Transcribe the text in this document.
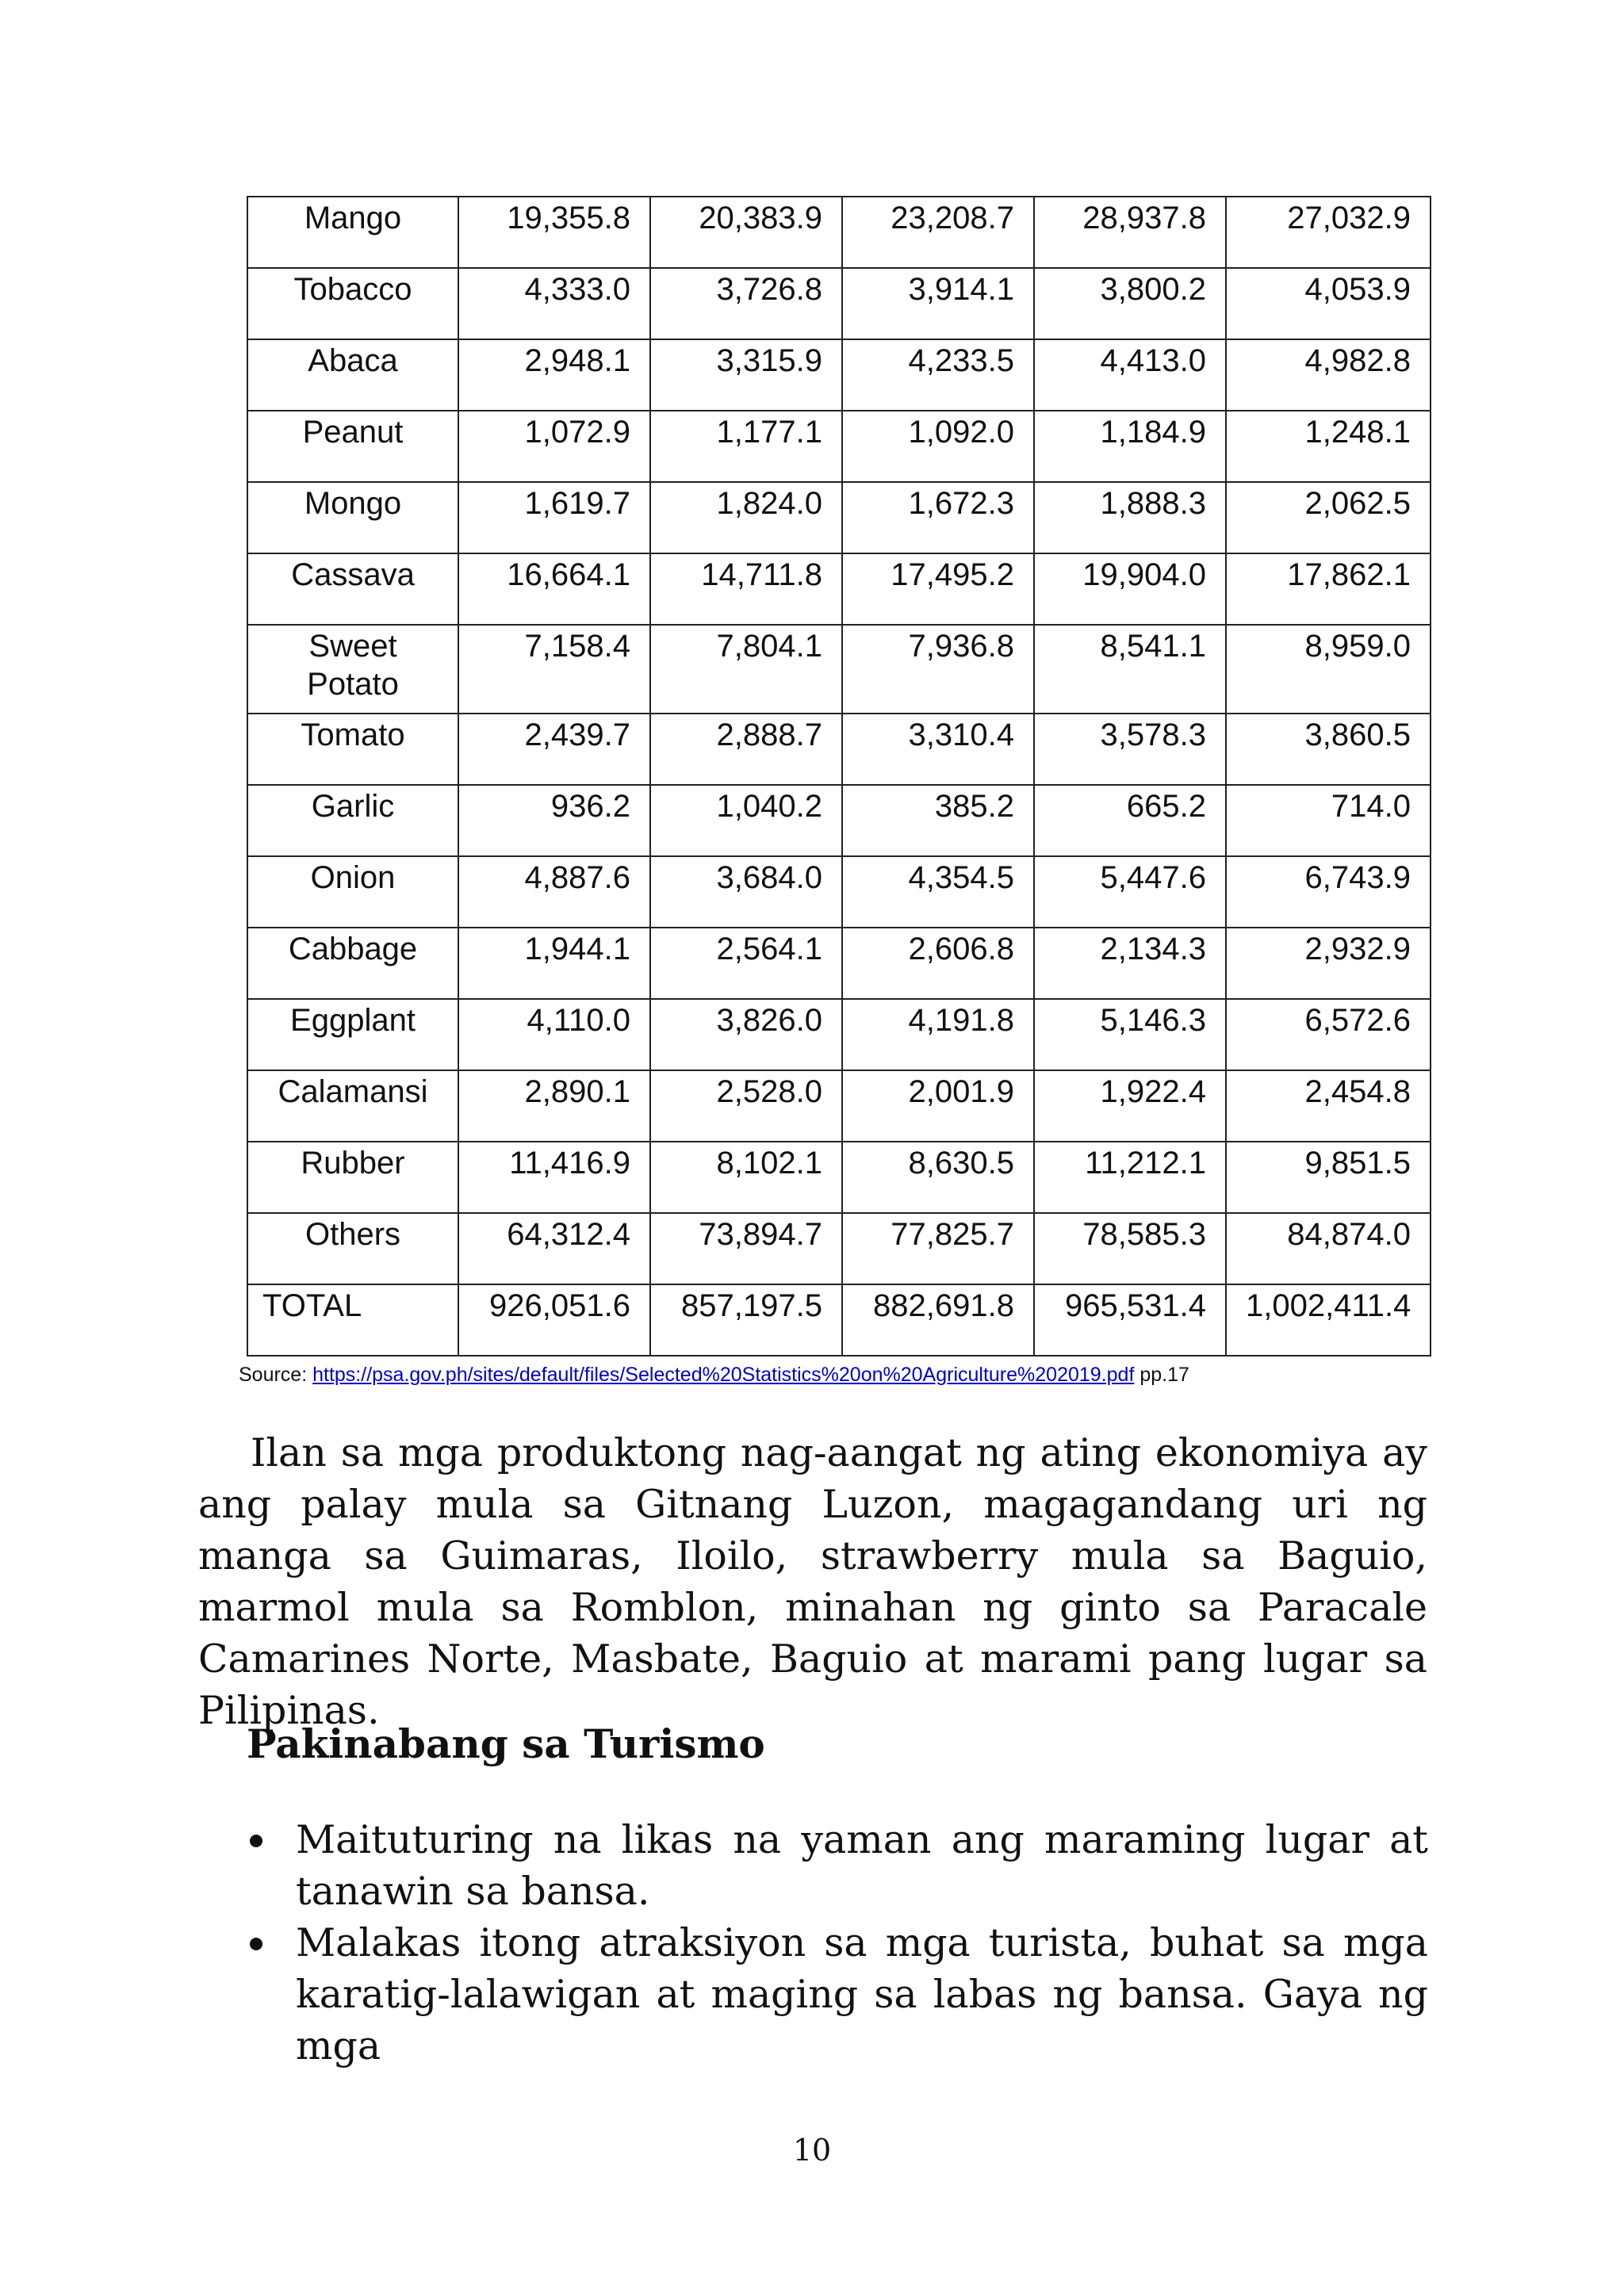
Mango	19,355.8	20,383.9	23,208.7	28,937.8	27,032.9
Tobacco	4,333.0	3,726.8	3,914.1	3,800.2	4,053.9
Abaca	2,948.1	3,315.9	4,233.5	4,413.0	4,982.8
Peanut	1,072.9	1,177.1	1,092.0	1,184.9	1,248.1
Mongo	1,619.7	1,824.0	1,672.3	1,888.3	2,062.5
Cassava	16,664.1	14,711.8	17,495.2	19,904.0	17,862.1
Sweet Potato	7,158.4	7,804.1	7,936.8	8,541.1	8,959.0
Tomato	2,439.7	2,888.7	3,310.4	3,578.3	3,860.5
Garlic	936.2	1,040.2	385.2	665.2	714.0
Onion	4,887.6	3,684.0	4,354.5	5,447.6	6,743.9
Cabbage	1,944.1	2,564.1	2,606.8	2,134.3	2,932.9
Eggplant	4,110.0	3,826.0	4,191.8	5,146.3	6,572.6
Calamansi	2,890.1	2,528.0	2,001.9	1,922.4	2,454.8
Rubber	11,416.9	8,102.1	8,630.5	11,212.1	9,851.5
Others	64,312.4	73,894.7	77,825.7	78,585.3	84,874.0
TOTAL	926,051.6	857,197.5	882,691.8	965,531.4	1,002,411.4
Source: https://psa.gov.ph/sites/default/files/Selected%20Statistics%20on%20Agriculture%202019.pdf pp.17

Ilan sa mga produktong nag-aangat ng ating ekonomiya ay ang palay mula sa Gitnang Luzon, magagandang uri ng manga sa Guimaras, Iloilo, strawberry mula sa Baguio, marmol mula sa Romblon, minahan ng ginto sa Paracale Camarines Norte, Masbate, Baguio at marami pang lugar sa Pilipinas.

Pakinabang sa Turismo
Maituturing na likas na yaman ang maraming lugar at tanawin sa bansa.
Malakas itong atraksiyon sa mga turista, buhat sa mga karatig-lalawigan at maging sa labas ng bansa. Gaya ng mga
10
